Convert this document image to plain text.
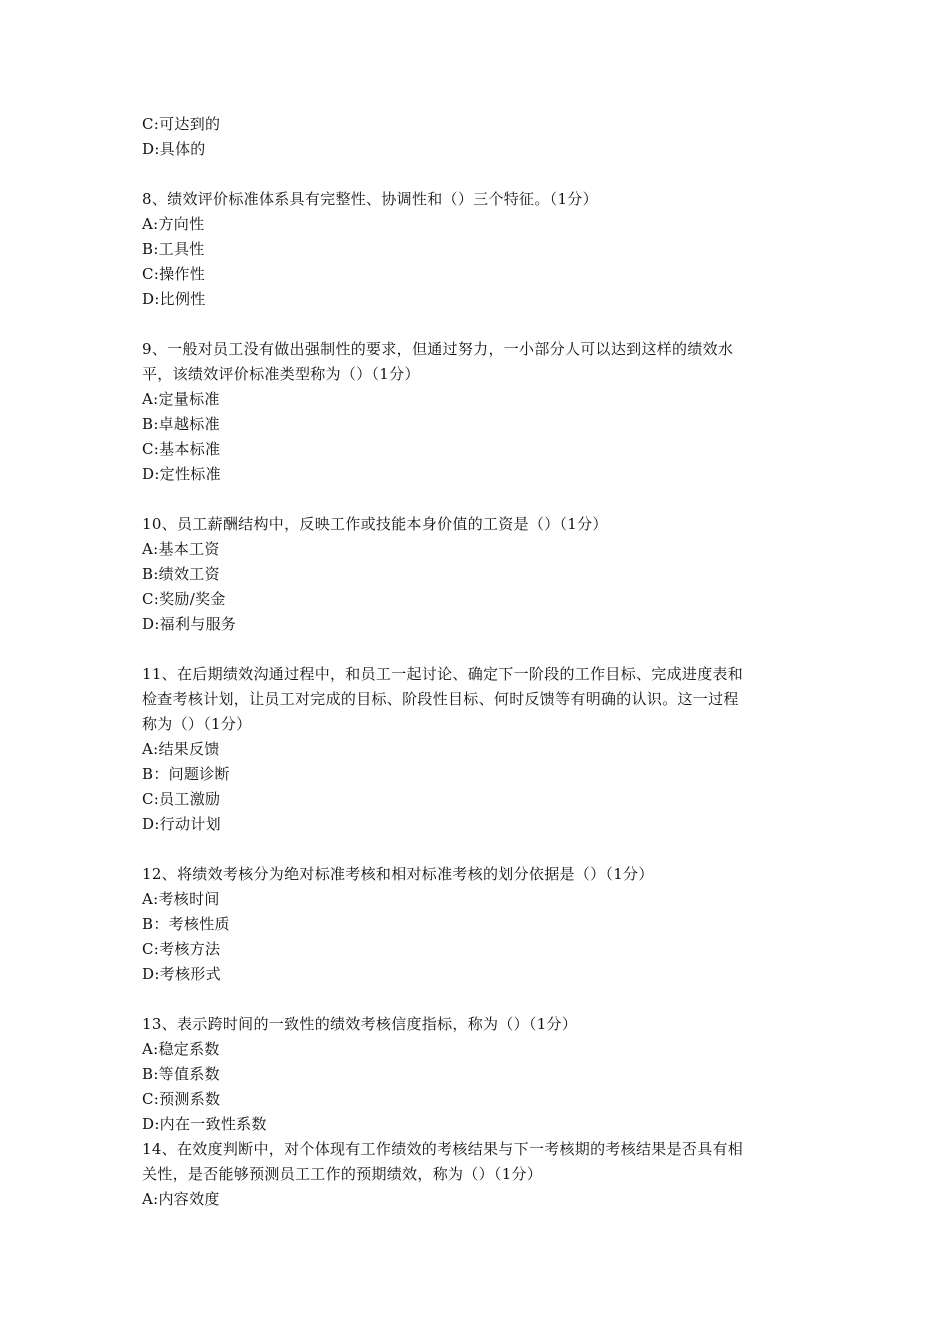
C:可达到的
D:具体的
8、绩效评价标准体系具有完整性、协调性和（）三个特征。（1分）
A:方向性
B:工具性
C:操作性
D:比例性
9、一般对员工没有做出强制性的要求，但通过努力，一小部分人可以达到这样的绩效水
平，该绩效评价标准类型称为（）（1分）
A:定量标准
B:卓越标准
C:基本标准
D:定性标准
10、员工薪酬结构中，反映工作或技能本身价值的工资是（）（1分）
A:基本工资
B:绩效工资
C:奖励/奖金
D:福利与服务
11、在后期绩效沟通过程中，和员工一起讨论、确定下一阶段的工作目标、完成进度表和
检查考核计划，让员工对完成的目标、阶段性目标、何时反馈等有明确的认识。这一过程
称为（）（1分）
A:结果反馈
B：问题诊断
C:员工激励
D:行动计划
12、将绩效考核分为绝对标准考核和相对标准考核的划分依据是（）（1分）
A:考核时间
B：考核性质
C:考核方法
D:考核形式
13、表示跨时间的一致性的绩效考核信度指标，称为（）（1分）
A:稳定系数
B:等值系数
C:预测系数
D:内在一致性系数
14、在效度判断中，对个体现有工作绩效的考核结果与下一考核期的考核结果是否具有相
关性，是否能够预测员工工作的预期绩效，称为（）（1分）
A:内容效度
